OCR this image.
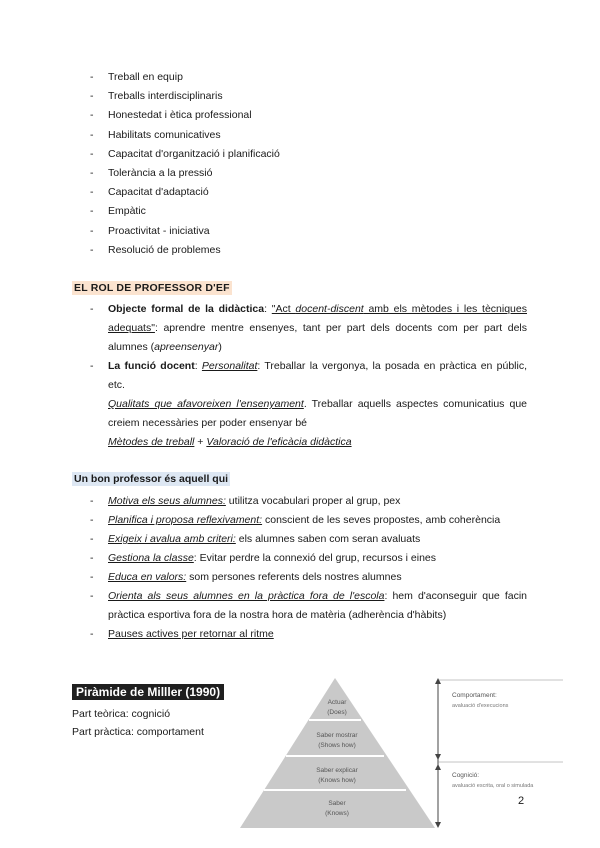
- Treball en equip
- Treballs interdisciplinaris
- Honestedat i ètica professional
- Habilitats comunicatives
- Capacitat d'organització i planificació
- Tolerància a la pressió
- Capacitat d'adaptació
- Empàtic
- Proactivitat - iniciativa
- Resolució de problemes
EL ROL DE PROFESSOR D'EF
- Objecte formal de la didàctica: "Act docent-discent amb els mètodes i les tècniques adequats": aprendre mentre ensenyes, tant per part dels docents com per part dels alumnes (apreensenyar)
- La funció docent: Personalitat: Treballar la vergonya, la posada en pràctica en públic, etc.
Qualitats que afavoreixen l'ensenyament. Treballar aquells aspectes comunicatius que creiem necessàries per poder ensenyar bé
Mètodes de treball + Valoració de l'eficàcia didàctica
Un bon professor és aquell qui
- Motiva els seus alumnes: utilitza vocabulari proper al grup, pex
- Planifica i proposa reflexivament: conscient de les seves propostes, amb coherència
- Exigeix i avalua amb criteri: els alumnes saben com seran avaluats
- Gestiona la classe: Evitar perdre la connexió del grup, recursos i eines
- Educa en valors: som persones referents dels nostres alumnes
- Orienta als seus alumnes en la pràctica fora de l'escola: hem d'aconseguir que facin pràctica esportiva fora de la nostra hora de matèria (adherència d'hàbits)
- Pauses actives per retornar al ritme
Piràmide de Milller (1990)
Part teòrica: cognició
Part pràctica: comportament
Actuar
(Does)
Saber mostrar
(Shows how)
Saber explicar
(Knows how)
Saber
(Knows)
Comportament:
avaluació d'execucions
Cognició:
avaluació escrita, oral o simulada
2
